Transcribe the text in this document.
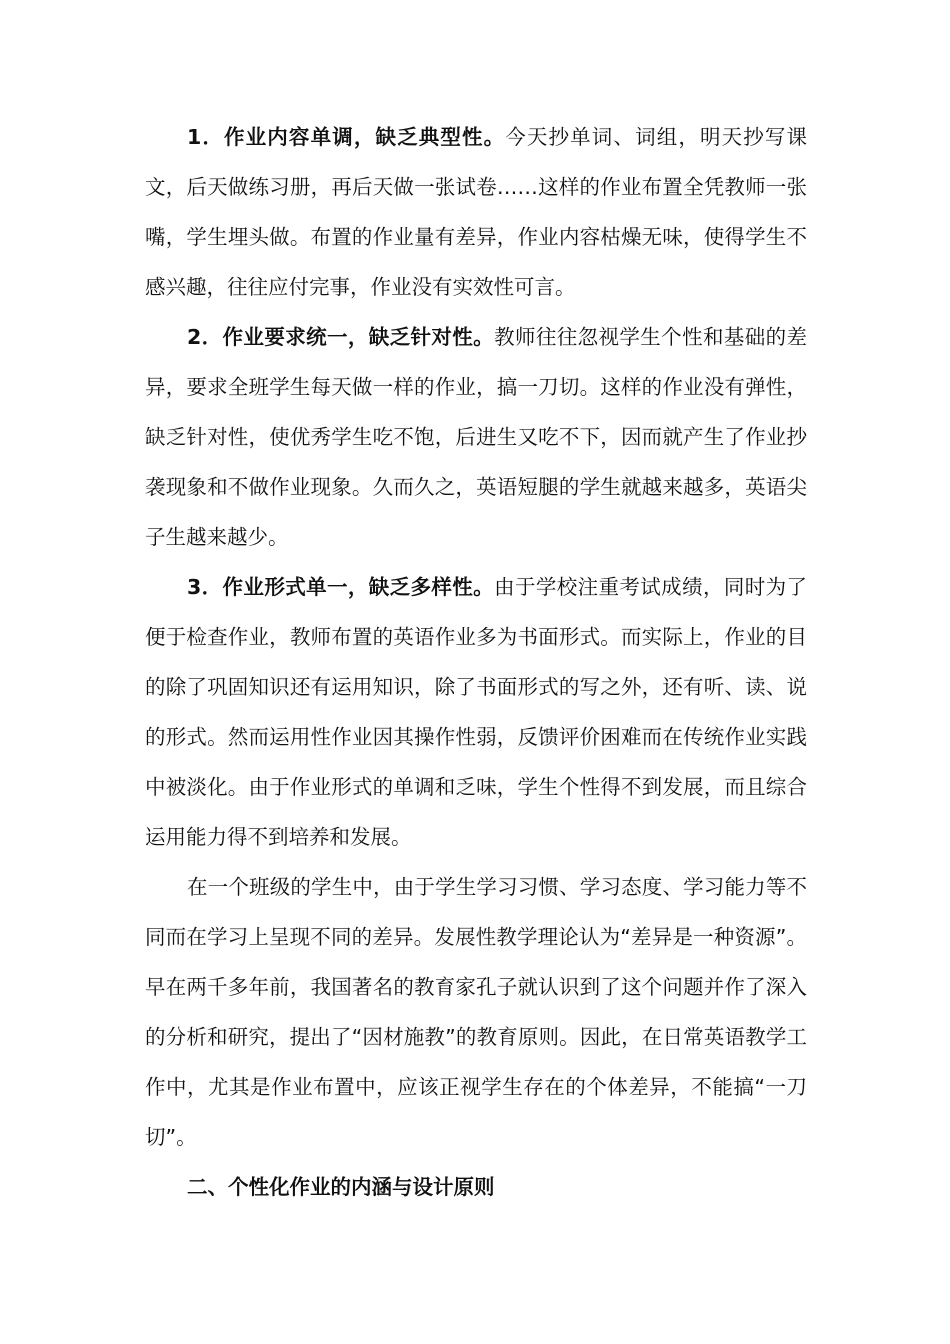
1．作业内容单调，缺乏典型性。今天抄单词、词组，明天抄写课文，后天做练习册，再后天做一张试卷……这样的作业布置全凭教师一张嘴，学生埋头做。布置的作业量有差异，作业内容枯燥无味，使得学生不感兴趣，往往应付完事，作业没有实效性可言。

2．作业要求统一，缺乏针对性。教师往往忽视学生个性和基础的差异，要求全班学生每天做一样的作业，搞一刀切。这样的作业没有弹性，缺乏针对性，使优秀学生吃不饱，后进生又吃不下，因而就产生了作业抄袭现象和不做作业现象。久而久之，英语短腿的学生就越来越多，英语尖子生越来越少。

3．作业形式单一，缺乏多样性。由于学校注重考试成绩，同时为了便于检查作业，教师布置的英语作业多为书面形式。而实际上，作业的目的除了巩固知识还有运用知识，除了书面形式的写之外，还有听、读、说的形式。然而运用性作业因其操作性弱，反馈评价困难而在传统作业实践中被淡化。由于作业形式的单调和乏味，学生个性得不到发展，而且综合运用能力得不到培养和发展。

在一个班级的学生中，由于学生学习习惯、学习态度、学习能力等不同而在学习上呈现不同的差异。发展性教学理论认为“差异是一种资源”。早在两千多年前，我国著名的教育家孔子就认识到了这个问题并作了深入的分析和研究，提出了“因材施教”的教育原则。因此，在日常英语教学工作中，尤其是作业布置中，应该正视学生存在的个体差异，不能搞“一刀切”。

二、个性化作业的内涵与设计原则
